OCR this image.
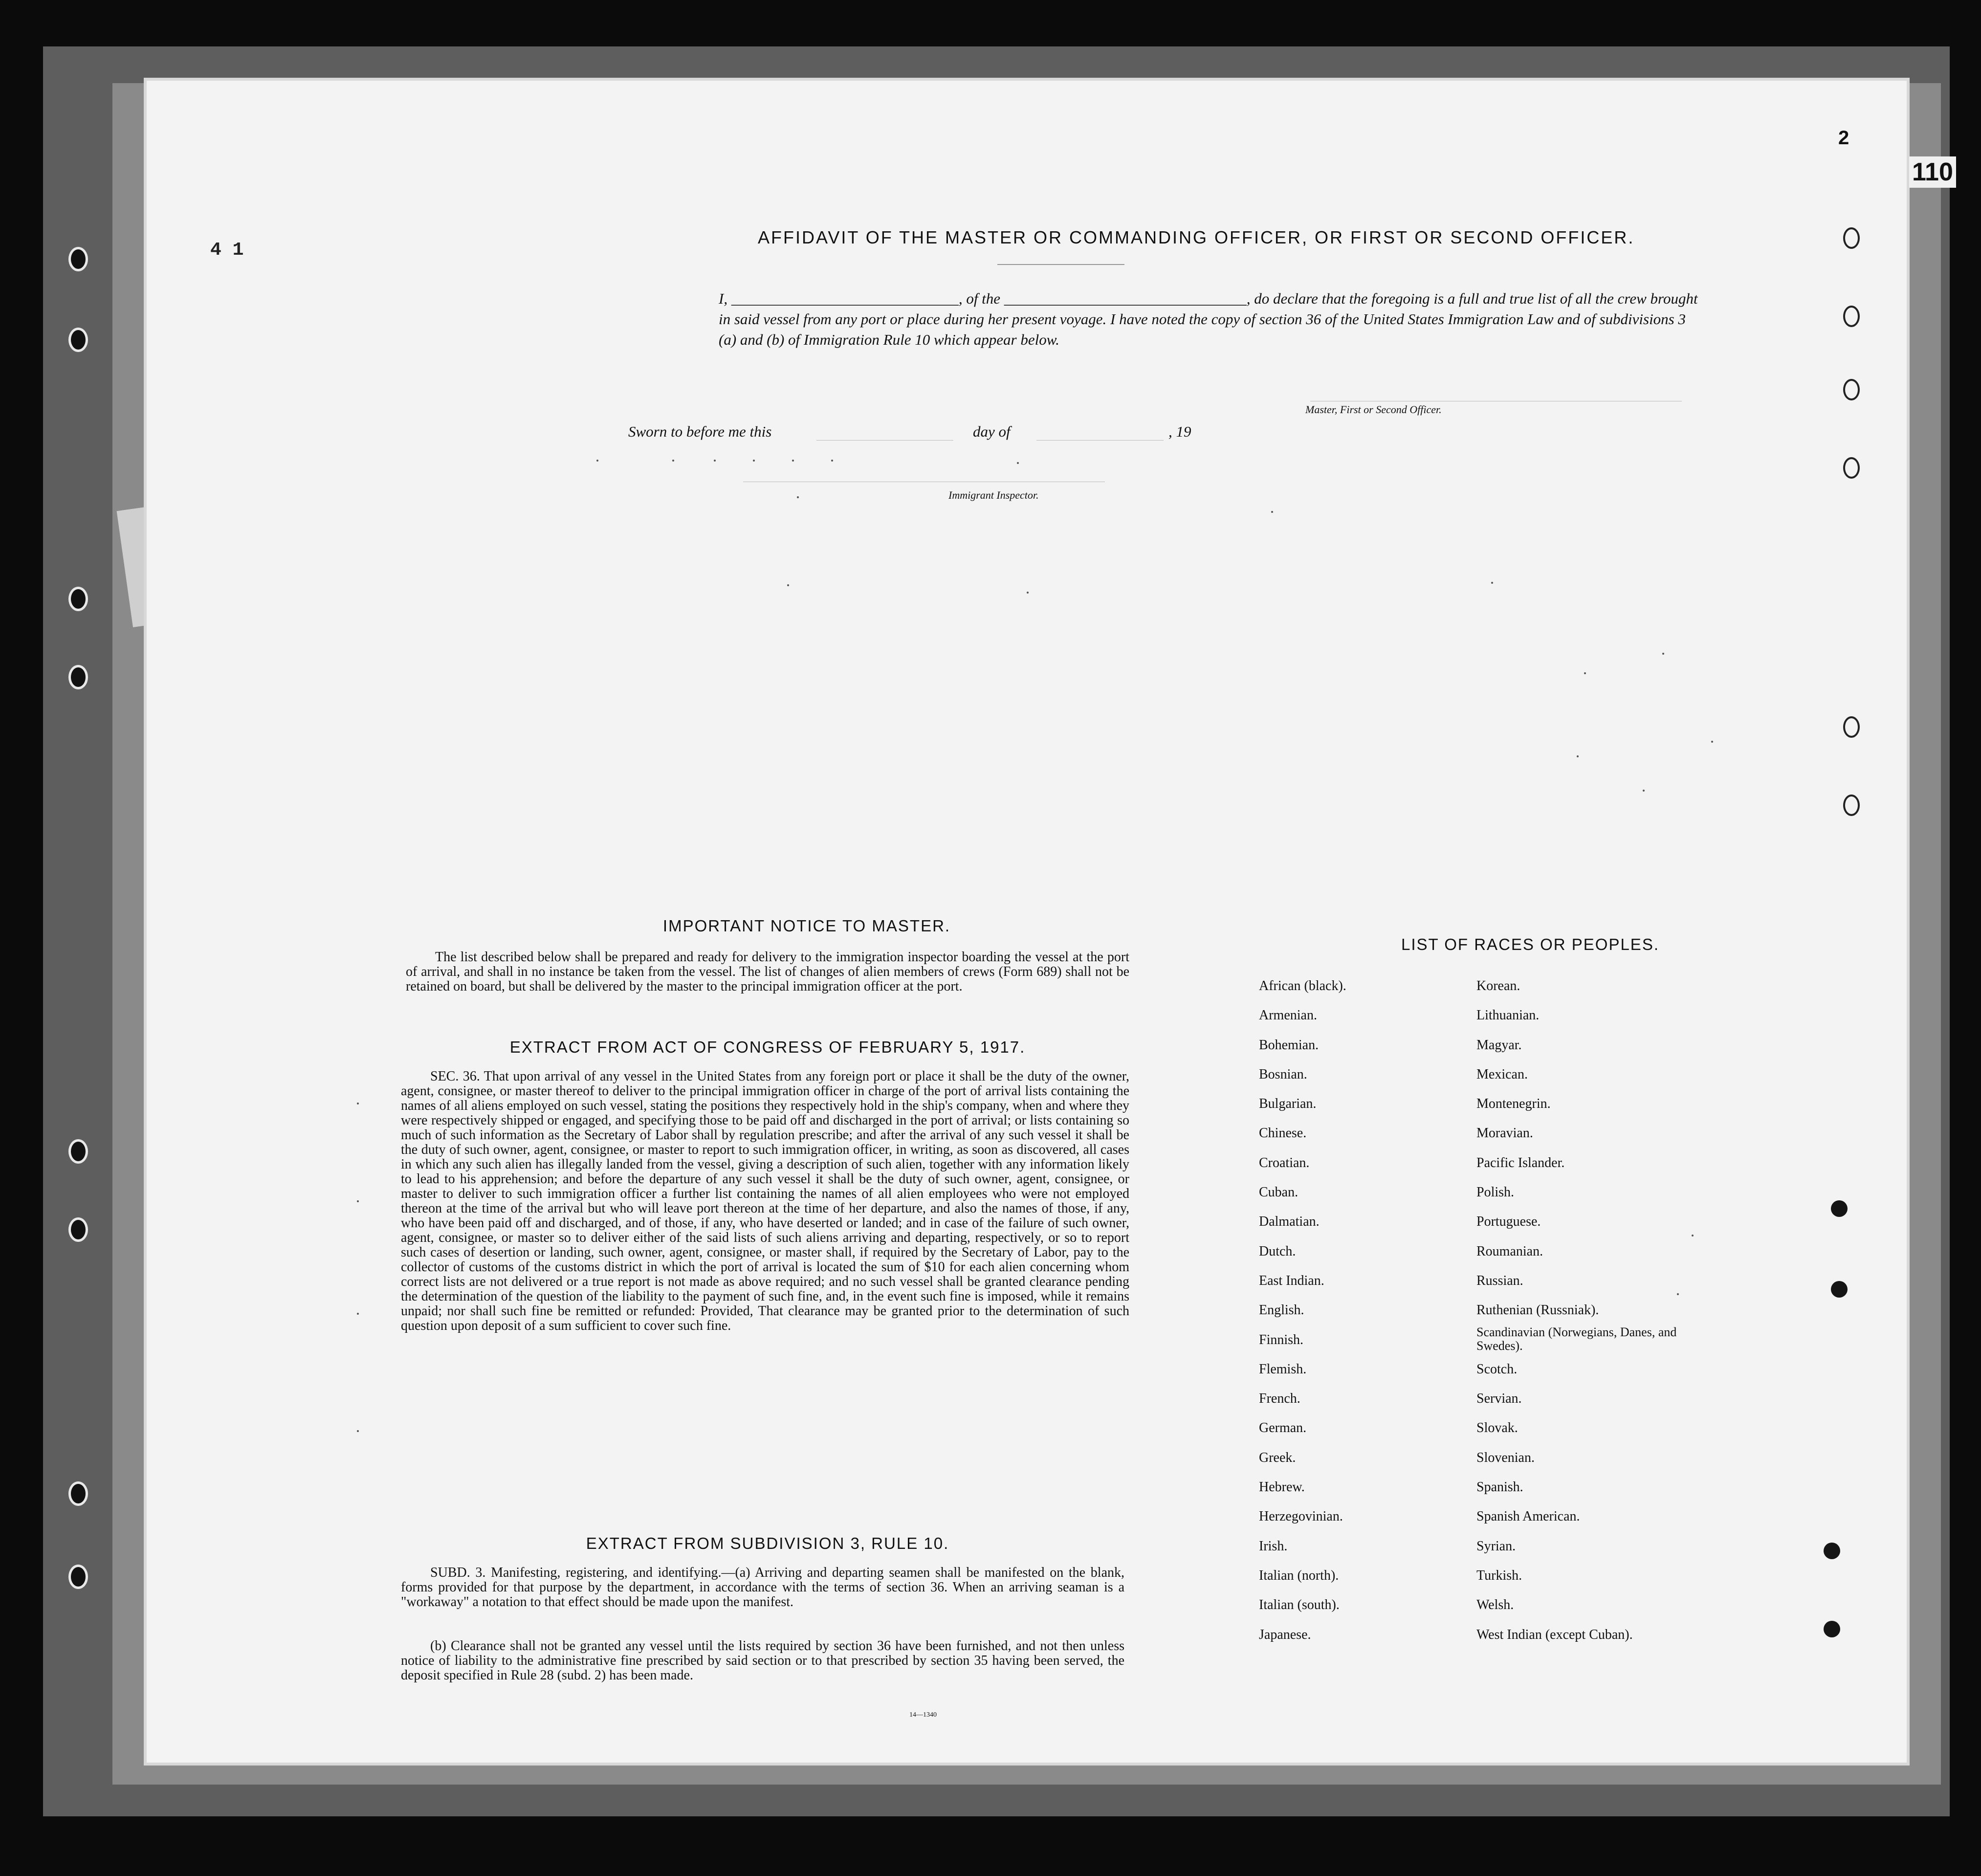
2
AFFIDAVIT OF THE MASTER OR COMMANDING OFFICER, OR FIRST OR SECOND OFFICER.
I, ______________________________, of the ________________________________, do declare that the foregoing is a full and true list of all the crew brought in said vessel from any port or place during her present voyage. I have noted the copy of section 36 of the United States Immigration Law and of subdivisions 3 (a) and (b) of Immigration Rule 10 which appear below.
Master, First or Second Officer.
Sworn to before me this	day of	, 19
Immigrant Inspector.
IMPORTANT NOTICE TO MASTER.
The list described below shall be prepared and ready for delivery to the immigration inspector boarding the vessel at the port of arrival, and shall in no instance be taken from the vessel. The list of changes of alien members of crews (Form 689) shall not be retained on board, but shall be delivered by the master to the principal immigration officer at the port.
EXTRACT FROM ACT OF CONGRESS OF FEBRUARY 5, 1917.
SEC. 36. That upon arrival of any vessel in the United States from any foreign port or place it shall be the duty of the owner, agent, consignee, or master thereof to deliver to the principal immigration officer in charge of the port of arrival lists containing the names of all aliens employed on such vessel, stating the positions they respectively hold in the ship's company, when and where they were respectively shipped or engaged, and specifying those to be paid off and discharged in the port of arrival; or lists containing so much of such information as the Secretary of Labor shall by regulation prescribe; and after the arrival of any such vessel it shall be the duty of such owner, agent, consignee, or master to report to such immigration officer, in writing, as soon as discovered, all cases in which any such alien has illegally landed from the vessel, giving a description of such alien, together with any information likely to lead to his apprehension; and before the departure of any such vessel it shall be the duty of such owner, agent, consignee, or master to deliver to such immigration officer a further list containing the names of all alien employees who were not employed thereon at the time of the arrival but who will leave port thereon at the time of her departure, and also the names of those, if any, who have been paid off and discharged, and of those, if any, who have deserted or landed; and in case of the failure of such owner, agent, consignee, or master so to deliver either of the said lists of such aliens arriving and departing, respectively, or so to report such cases of desertion or landing, such owner, agent, consignee, or master shall, if required by the Secretary of Labor, pay to the collector of customs of the customs district in which the port of arrival is located the sum of $10 for each alien concerning whom correct lists are not delivered or a true report is not made as above required; and no such vessel shall be granted clearance pending the determination of the question of the liability to the payment of such fine, and, in the event such fine is imposed, while it remains unpaid; nor shall such fine be remitted or refunded: Provided, That clearance may be granted prior to the determination of such question upon deposit of a sum sufficient to cover such fine.
EXTRACT FROM SUBDIVISION 3, RULE 10.
SUBD. 3. Manifesting, registering, and identifying.—(a) Arriving and departing seamen shall be manifested on the blank, forms provided for that purpose by the department, in accordance with the terms of section 36. When an arriving seaman is a "workaway" a notation to that effect should be made upon the manifest.
(b) Clearance shall not be granted any vessel until the lists required by section 36 have been furnished, and not then unless notice of liability to the administrative fine prescribed by said section or to that prescribed by section 35 having been served, the deposit specified in Rule 28 (subd. 2) has been made.
14—1340
LIST OF RACES OR PEOPLES.
African (black).
Armenian.
Bohemian.
Bosnian.
Bulgarian.
Chinese.
Croatian.
Cuban.
Dalmatian.
Dutch.
East Indian.
English.
Finnish.
Flemish.
French.
German.
Greek.
Hebrew.
Herzegovinian.
Irish.
Italian (north).
Italian (south).
Japanese.
Korean.
Lithuanian.
Magyar.
Mexican.
Montenegrin.
Moravian.
Pacific Islander.
Polish.
Portuguese.
Roumanian.
Russian.
Ruthenian (Russniak).
Scandinavian (Norwegians, Danes, and Swedes).
Scotch.
Servian.
Slovak.
Slovenian.
Spanish.
Spanish American.
Syrian.
Turkish.
Welsh.
West Indian (except Cuban).
110
4 1
